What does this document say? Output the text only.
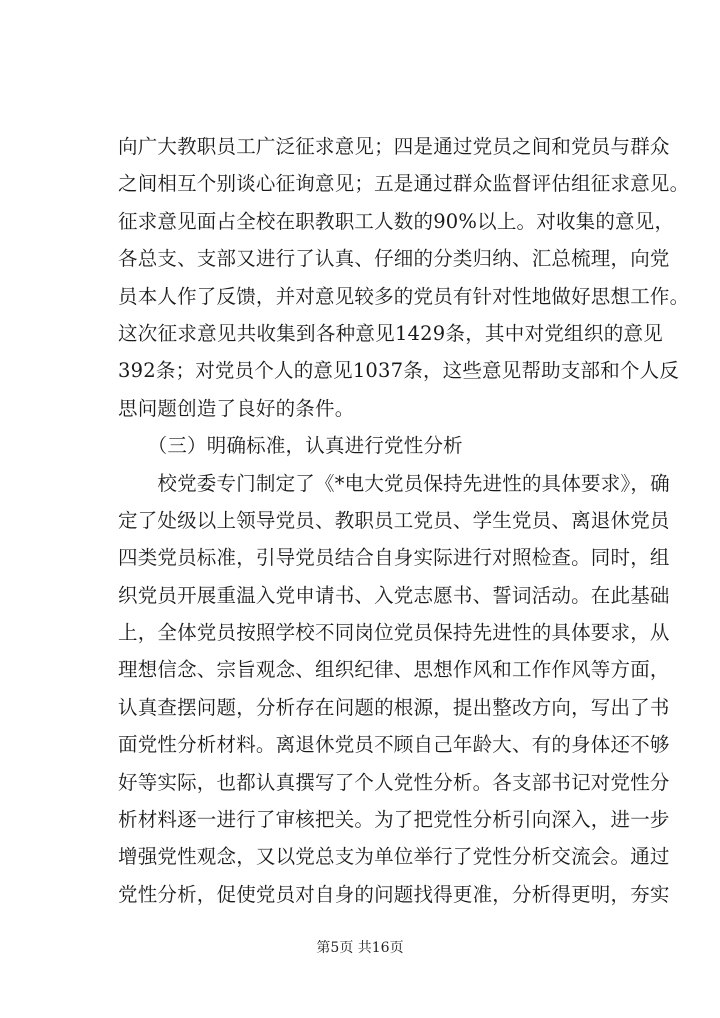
向广大教职员工广泛征求意见；四是通过党员之间和党员与群众
之间相互个别谈心征询意见；五是通过群众监督评估组征求意见。
征求意见面占全校在职教职工人数的90%以上。对收集的意见，
各总支、支部又进行了认真、仔细的分类归纳、汇总梳理，向党
员本人作了反馈，并对意见较多的党员有针对性地做好思想工作。
这次征求意见共收集到各种意见1429条，其中对党组织的意见
392条；对党员个人的意见1037条，这些意见帮助支部和个人反
思问题创造了良好的条件。
　　（三）明确标准，认真进行党性分析
　　校党委专门制定了《*电大党员保持先进性的具体要求》，确
定了处级以上领导党员、教职员工党员、学生党员、离退休党员
四类党员标准，引导党员结合自身实际进行对照检查。同时，组
织党员开展重温入党申请书、入党志愿书、誓词活动。在此基础
上，全体党员按照学校不同岗位党员保持先进性的具体要求，从
理想信念、宗旨观念、组织纪律、思想作风和工作作风等方面，
认真查摆问题，分析存在问题的根源，提出整改方向，写出了书
面党性分析材料。离退休党员不顾自己年龄大、有的身体还不够
好等实际，也都认真撰写了个人党性分析。各支部书记对党性分
析材料逐一进行了审核把关。为了把党性分析引向深入，进一步
增强党性观念，又以党总支为单位举行了党性分析交流会。通过
党性分析，促使党员对自身的问题找得更准，分析得更明，夯实
第5页 共16页
